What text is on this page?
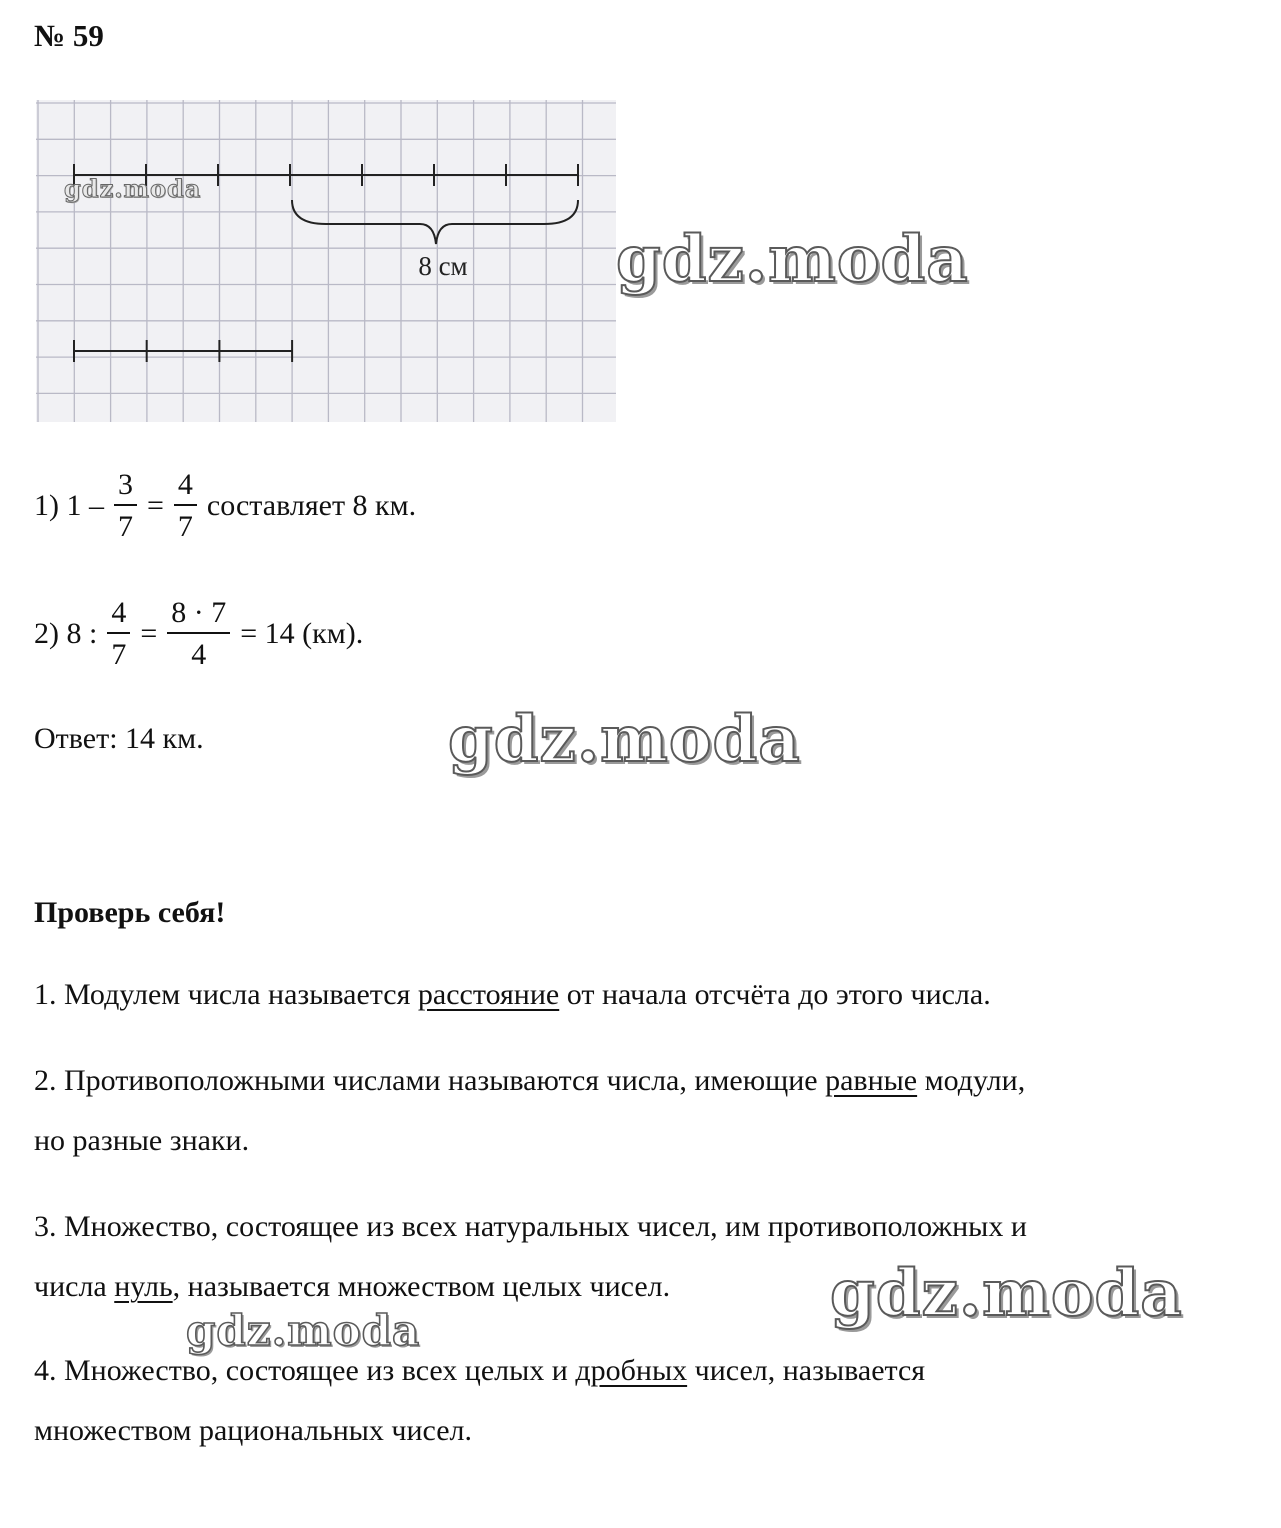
№ 59
8 см
gdz.moda
gdz.moda
1) $1 - \frac{3}{7} = \frac{4}{7}$ составляет 8 км.
2) 8 : $\frac{4}{7} = \frac{8 \cdot 7}{4} = 14$ (км).
Ответ: 14 км.	gdz.moda
Проверь себя!
1. Модулем числа называется расстояние от начала отсчёта до этого числа.
2. Противоположными числами называются числа, имеющие равные модули,
но разные знаки.
3. Множество, состоящее из всех натуральных чисел, им противоположных и
числа нуль, называется множеством целых чисел. gdz.moda
gdz.moda
4. Множество, состоящее из всех целых и дробных чисел, называется
множеством рациональных чисел.
